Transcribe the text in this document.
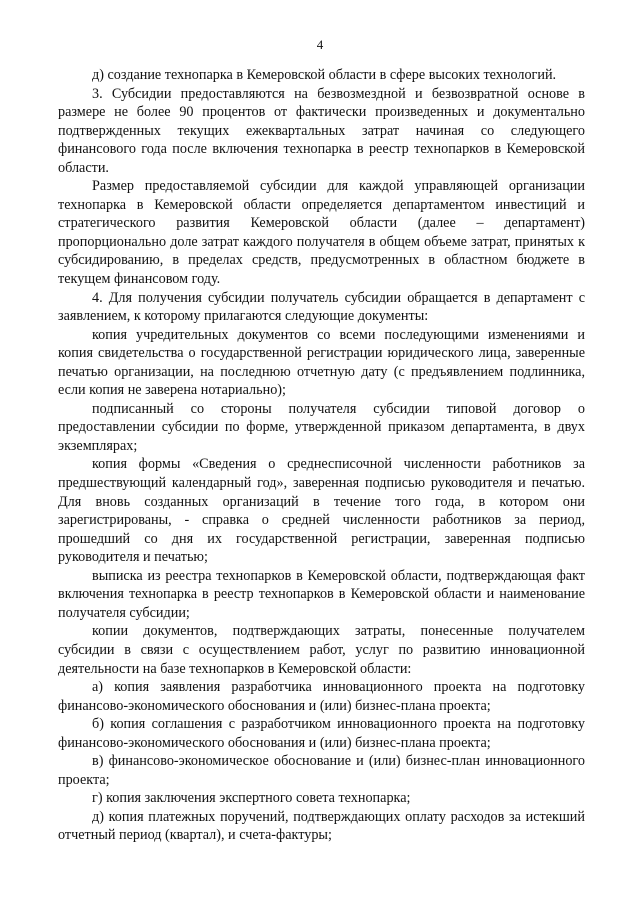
4

д) создание технопарка в Кемеровской области в сфере высоких технологий.

3. Субсидии предоставляются на безвозмездной и безвозвратной основе в размере не более 90 процентов от фактически произведенных и документально подтвержденных текущих ежеквартальных затрат начиная со следующего финансового года после включения технопарка в реестр технопарков в Кемеровской области.

Размер предоставляемой субсидии для каждой управляющей организации технопарка в Кемеровской области определяется департаментом инвестиций и стратегического развития Кемеровской области (далее – департамент) пропорционально доле затрат каждого получателя в общем объеме затрат, принятых к субсидированию, в пределах средств, предусмотренных в областном бюджете в текущем финансовом году.

4. Для получения субсидии получатель субсидии обращается в департамент с заявлением, к которому прилагаются следующие документы:

копия учредительных документов со всеми последующими изменениями и копия свидетельства о государственной регистрации юридического лица, заверенные печатью организации, на последнюю отчетную дату (с предъявлением подлинника, если копия не заверена нотариально);

подписанный со стороны получателя субсидии типовой договор о предоставлении субсидии по форме, утвержденной приказом департамента, в двух экземплярах;

копия формы «Сведения о среднесписочной численности работников за предшествующий календарный год», заверенная подписью руководителя и печатью. Для вновь созданных организаций в течение того года, в котором они зарегистрированы, - справка о средней численности работников за период, прошедший со дня их государственной регистрации, заверенная подписью руководителя и печатью;

выписка из реестра технопарков в Кемеровской области, подтверждающая факт включения технопарка в реестр технопарков в Кемеровской области и наименование получателя субсидии;

копии документов, подтверждающих затраты, понесенные получателем субсидии в связи с осуществлением работ, услуг по развитию инновационной деятельности на базе технопарков в Кемеровской области:

а) копия заявления разработчика инновационного проекта на подготовку финансово-экономического обоснования и (или) бизнес-плана проекта;

б) копия соглашения с разработчиком инновационного проекта на подготовку финансово-экономического обоснования и (или) бизнес-плана проекта;

в) финансово-экономическое обоснование и (или) бизнес-план инновационного проекта;

г) копия заключения экспертного совета технопарка;

д) копия платежных поручений, подтверждающих оплату расходов за истекший отчетный период (квартал), и счета-фактуры;
